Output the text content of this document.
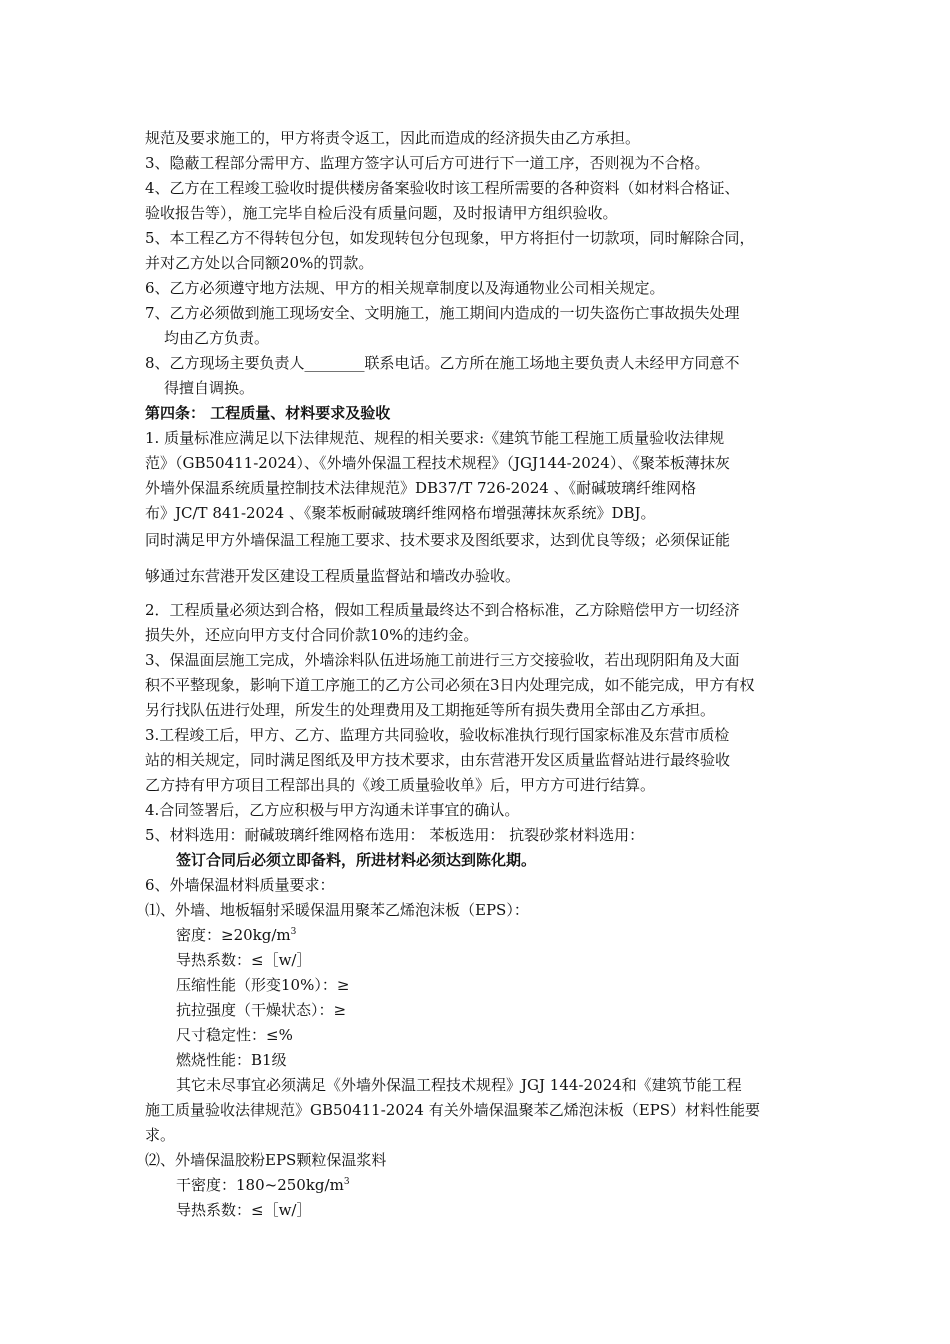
规范及要求施工的，甲方将责令返工，因此而造成的经济损失由乙方承担。
3、隐蔽工程部分需甲方、监理方签字认可后方可进行下一道工序，否则视为不合格。
4、乙方在工程竣工验收时提供楼房备案验收时该工程所需要的各种资料（如材料合格证、
验收报告等），施工完毕自检后没有质量问题，及时报请甲方组织验收。
5、本工程乙方不得转包分包，如发现转包分包现象，甲方将拒付一切款项，同时解除合同，
并对乙方处以合同额20%的罚款。
6、乙方必须遵守地方法规、甲方的相关规章制度以及海通物业公司相关规定。
7、乙方必须做到施工现场安全、文明施工，施工期间内造成的一切失盗伤亡事故损失处理
均由乙方负责。
8、乙方现场主要负责人________联系电话。乙方所在施工场地主要负责人未经甲方同意不
得擅自调换。
第四条： 工程质量、材料要求及验收
1. 质量标准应满足以下法律规范、规程的相关要求:《建筑节能工程施工质量验收法律规
范》（GB50411-2024）、《外墙外保温工程技术规程》（JGJ144-2024）、《聚苯板薄抹灰
外墙外保温系统质量控制技术法律规范》DB37/T 726-2024 、《耐碱玻璃纤维网格
布》JC/T 841-2024 、《聚苯板耐碱玻璃纤维网格布增强薄抹灰系统》DBJ。
同时满足甲方外墙保温工程施工要求、技术要求及图纸要求，达到优良等级；必须保证能
够通过东营港开发区建设工程质量监督站和墙改办验收。
2．工程质量必须达到合格，假如工程质量最终达不到合格标准，乙方除赔偿甲方一切经济
损失外，还应向甲方支付合同价款10%的违约金。
3、保温面层施工完成，外墙涂料队伍进场施工前进行三方交接验收，若出现阴阳角及大面
积不平整现象，影响下道工序施工的乙方公司必须在3日内处理完成，如不能完成，甲方有权
另行找队伍进行处理，所发生的处理费用及工期拖延等所有损失费用全部由乙方承担。
3.工程竣工后，甲方、乙方、监理方共同验收，验收标准执行现行国家标准及东营市质检
站的相关规定，同时满足图纸及甲方技术要求，由东营港开发区质量监督站进行最终验收
乙方持有甲方项目工程部出具的《竣工质量验收单》后，甲方方可进行结算。
4.合同签署后，乙方应积极与甲方沟通未详事宜的确认。
5、材料选用：耐碱玻璃纤维网格布选用： 苯板选用： 抗裂砂浆材料选用：
签订合同后必须立即备料，所进材料必须达到陈化期。
6、外墙保温材料质量要求：
⑴、外墙、地板辐射采暖保温用聚苯乙烯泡沫板（EPS）：
密度：$\ge 20kg/m^3$
导热系数：≤［w/］
压缩性能（形变10%）：≥
抗拉强度（干燥状态）：≥
尺寸稳定性：≤%
燃烧性能：B1级
其它未尽事宜必须满足《外墙外保温工程技术规程》JGJ 144-2024和《建筑节能工程
施工质量验收法律规范》GB50411-2024 有关外墙保温聚苯乙烯泡沫板（EPS）材料性能要
求。
⑵、外墙保温胶粉EPS颗粒保温浆料
干密度：$180\sim 250kg/m^3$
导热系数：≤［w/］
